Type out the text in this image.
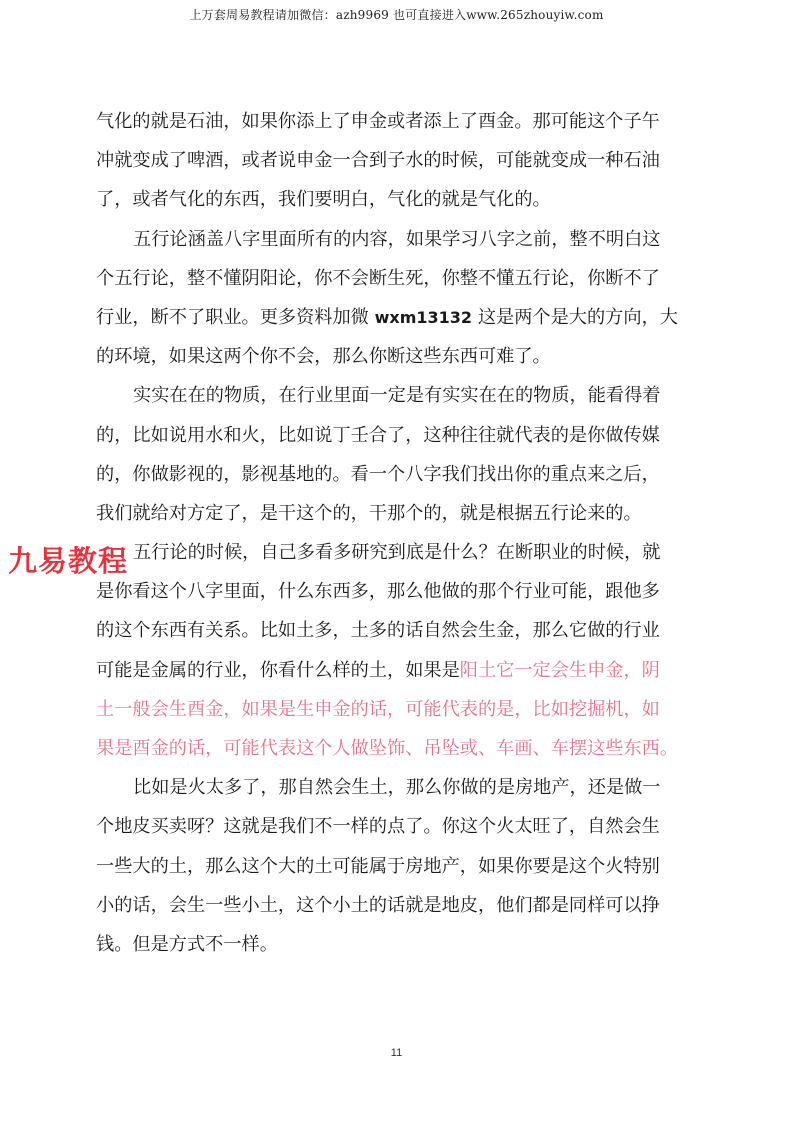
上万套周易教程请加微信：azh9969 也可直接进入www.265zhouyiw.com
气化的就是石油，如果你添上了申金或者添上了酉金。那可能这个子午
冲就变成了啤酒，或者说申金一合到子水的时候，可能就变成一种石油
了，或者气化的东西，我们要明白，气化的就是气化的。
五行论涵盖八字里面所有的内容，如果学习八字之前，整不明白这
个五行论，整不懂阴阳论，你不会断生死，你整不懂五行论，你断不了
行业，断不了职业。更多资料加微 wxm13132 这是两个是大的方向，大
的环境，如果这两个你不会，那么你断这些东西可难了。
实实在在的物质，在行业里面一定是有实实在在的物质，能看得着
的，比如说用水和火，比如说丁壬合了，这种往往就代表的是你做传媒
的，你做影视的，影视基地的。看一个八字我们找出你的重点来之后，
我们就给对方定了，是干这个的，干那个的，就是根据五行论来的。
五行论的时候，自己多看多研究到底是什么？在断职业的时候，就
是你看这个八字里面，什么东西多，那么他做的那个行业可能，跟他多
的这个东西有关系。比如土多，土多的话自然会生金，那么它做的行业
可能是金属的行业，你看什么样的土，如果是阳土它一定会生申金，阴
土一般会生酉金，如果是生申金的话，可能代表的是，比如挖掘机，如
果是酉金的话，可能代表这个人做坠饰、吊坠或、车画、车摆这些东西。
比如是火太多了，那自然会生土，那么你做的是房地产，还是做一
个地皮买卖呀？这就是我们不一样的点了。你这个火太旺了，自然会生
一些大的土，那么这个大的土可能属于房地产，如果你要是这个火特别
小的话，会生一些小土，这个小土的话就是地皮，他们都是同样可以挣
钱。但是方式不一样。
九易教程
11
